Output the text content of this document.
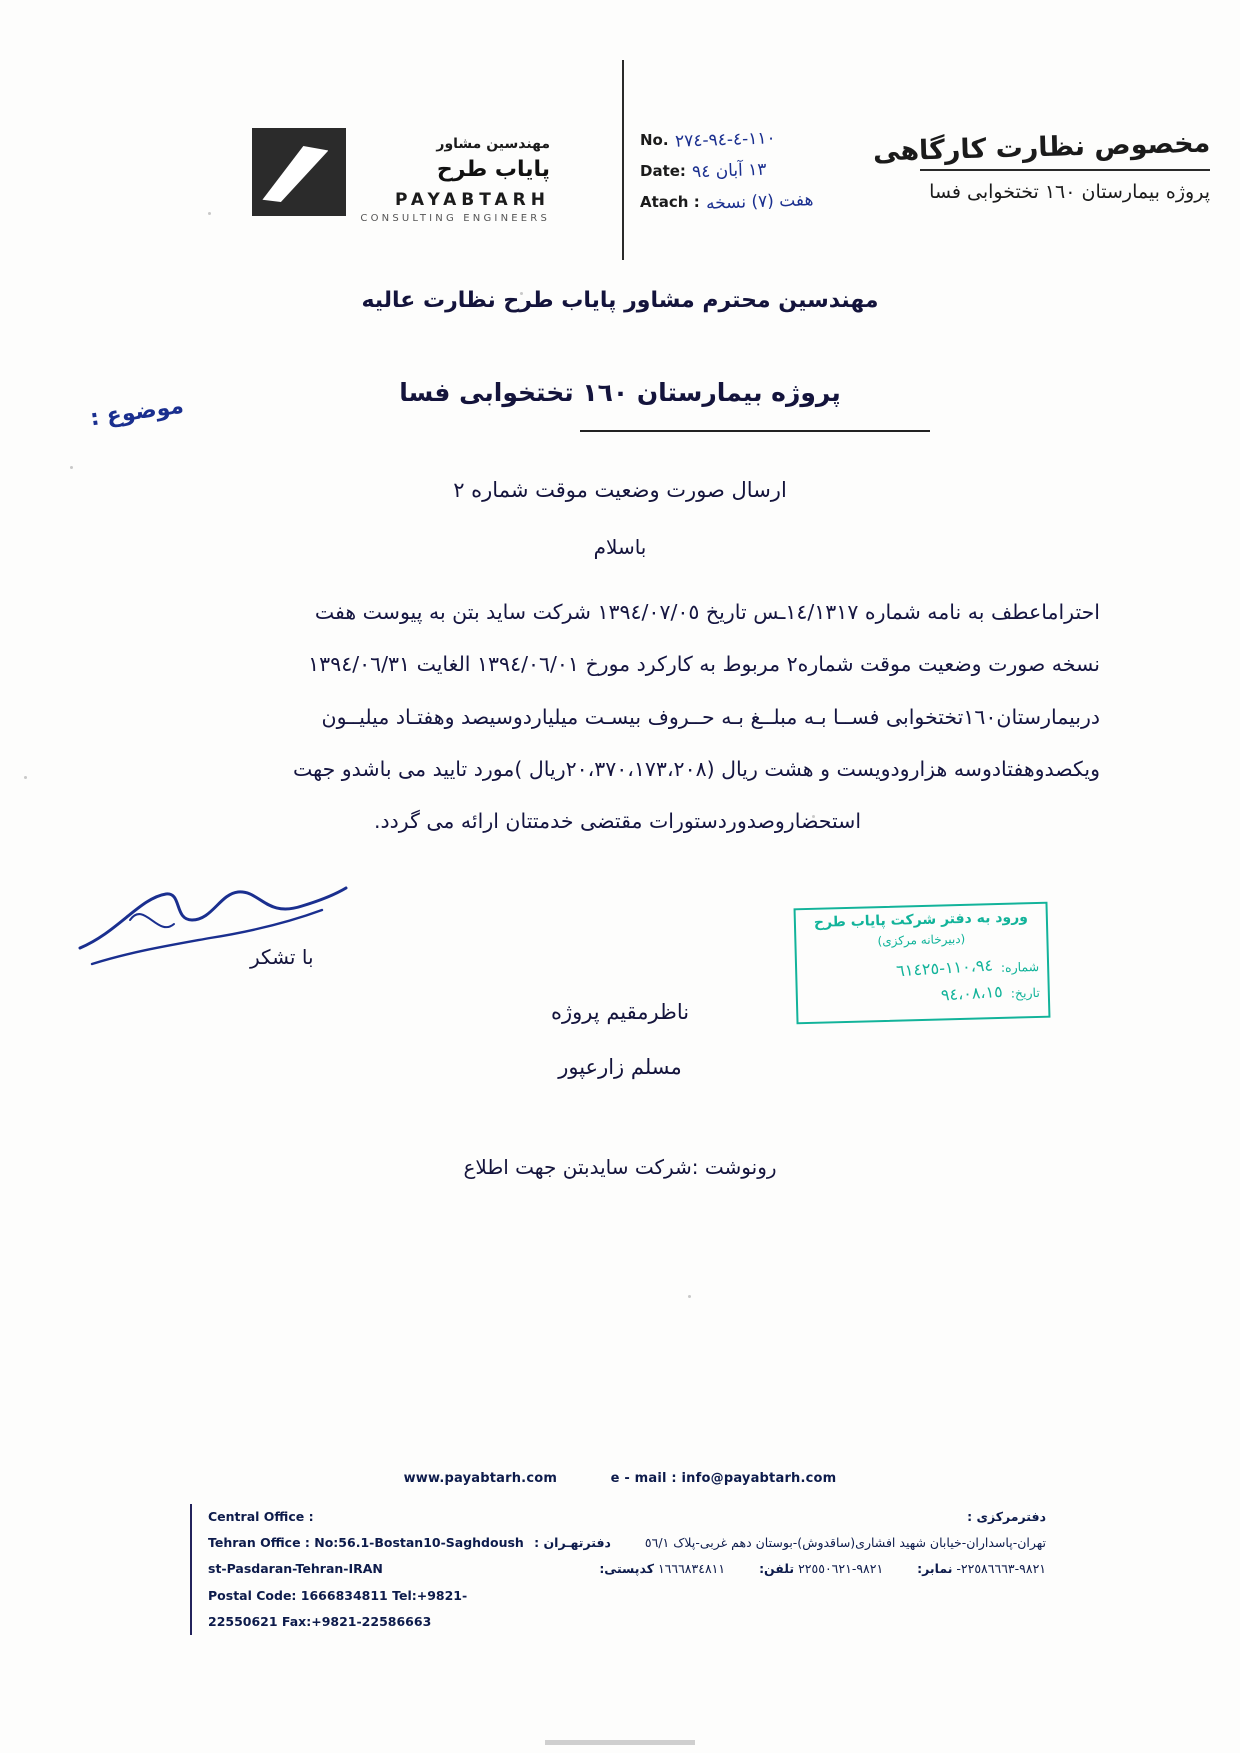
مهندسین مشاور
پایاب طرح
PAYABTARH
CONSULTING ENGINEERS
No. ١١٠-٤-٩٤-٢٧٤
Date: ١٣ آبان ٩٤
Atach : هفت (٧) نسخه
مخصوص نظارت کارگاهی
پروژه بیمارستان ١٦٠ تختخوابی فسا
مهندسین محترم مشاور پایاب طرح نظارت عالیه
پروژه بیمارستان ١٦٠ تختخوابی فسا
موضوع :
ارسال صورت وضعیت موقت شماره ٢
باسلام

احتراماعطف به نامه شماره ١٤/١٣١٧ـس تاریخ ١٣٩٤/٠٧/٠٥ شرکت ساید بتن به پیوست هفت

نسخه صورت وضعیت موقت شماره٢ مربوط به کارکرد مورخ ١٣٩٤/٠٦/٠١ الغایت ١٣٩٤/٠٦/٣١

دربیمارستان١٦٠تختخوابی فســا بـه مبلــغ بـه حــروف بیسـت میلیاردوسیصد وهفتـاد میلیــون

ویکصدوهفتادوسه هزارودویست و هشت ریال (٢٠،٣٧٠،١٧٣،٢٠٨ریال )مورد تایید می باشدو جهت

استحضاروصدوردستورات مقتضی خدمتتان ارائه می گردد.

با تشکر
ناظرمقیم پروژه
مسلم زارعپور
رونوشت :شرکت سایدبتن جهت اطلاع
ورود به دفتر شرکت پایاب طرح
(دبیرخانه مرکزی)
شماره:
١١٠،٩٤-٦١٤٢٥
تاریخ:
٩٤،٠٨،١٥
www.payabtarh.com	e - mail : info@payabtarh.com
Central Office :
Tehran Office : No:56.1-Bostan10-Saghdoush st-Pasdaran-Tehran-IRAN
Postal Code: 1666834811 Tel:+9821-22550621 Fax:+9821-22586663
دفترمرکزی :
تهران-پاسداران-خیابان شهید افشاری(ساقدوش)-بوستان دهم غربی-پلاک ٥٦/١  دفترتهـران :
٩٨٢١-٢٢٥٨٦٦٦٣- نمابر:  ٩٨٢١-٢٢٥٥٠٦٢١ تلفن:  ١٦٦٦٨٣٤٨١١ کدپستی:
